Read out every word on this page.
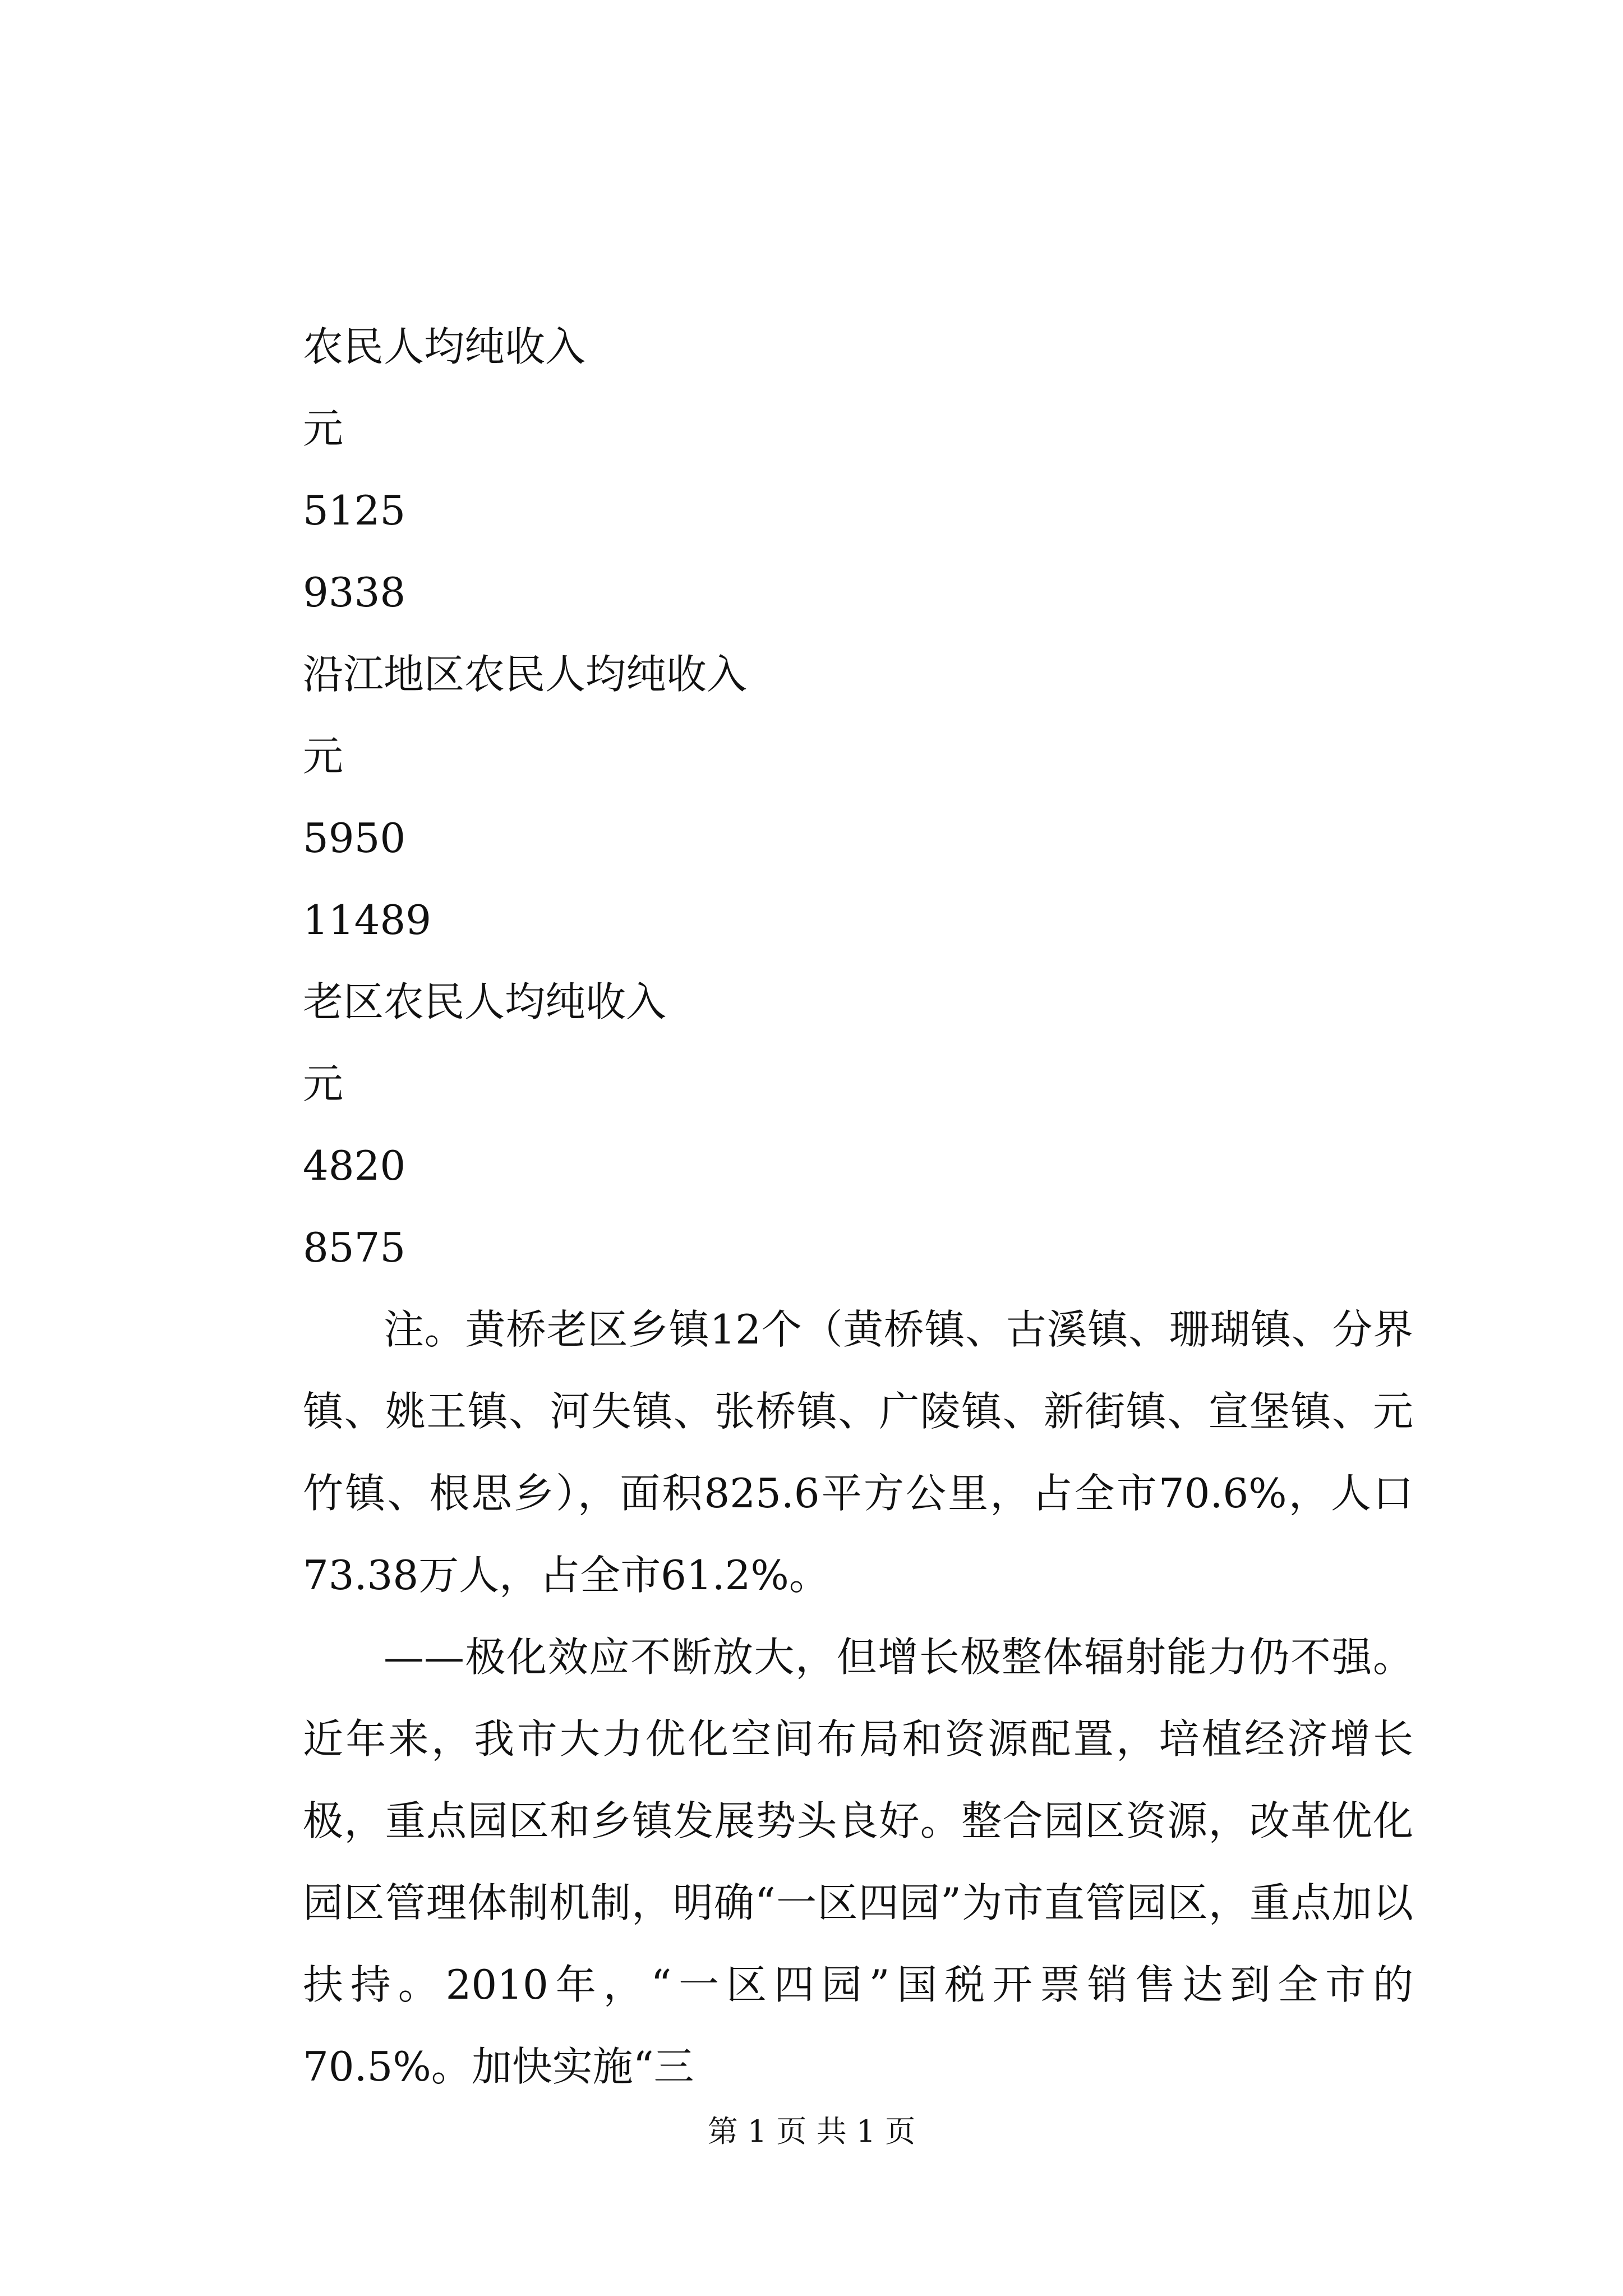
农民人均纯收入
元
5125
9338
沿江地区农民人均纯收入
元
5950
11489
老区农民人均纯收入
元
4820
8575

注。黄桥老区乡镇12个（黄桥镇、古溪镇、珊瑚镇、分界镇、姚王镇、河失镇、张桥镇、广陵镇、新街镇、宣堡镇、元竹镇、根思乡），面积825.6平方公里，占全市70.6%，人口73.38万人，占全市61.2%。

——极化效应不断放大，但增长极整体辐射能力仍不强。近年来，我市大力优化空间布局和资源配置，培植经济增长极，重点园区和乡镇发展势头良好。整合园区资源，改革优化园区管理体制机制，明确“一区四园”为市直管园区，重点加以扶持。2010年，“一区四园”国税开票销售达到全市的70.5%。加快实施“三

第 1 页 共 1 页
